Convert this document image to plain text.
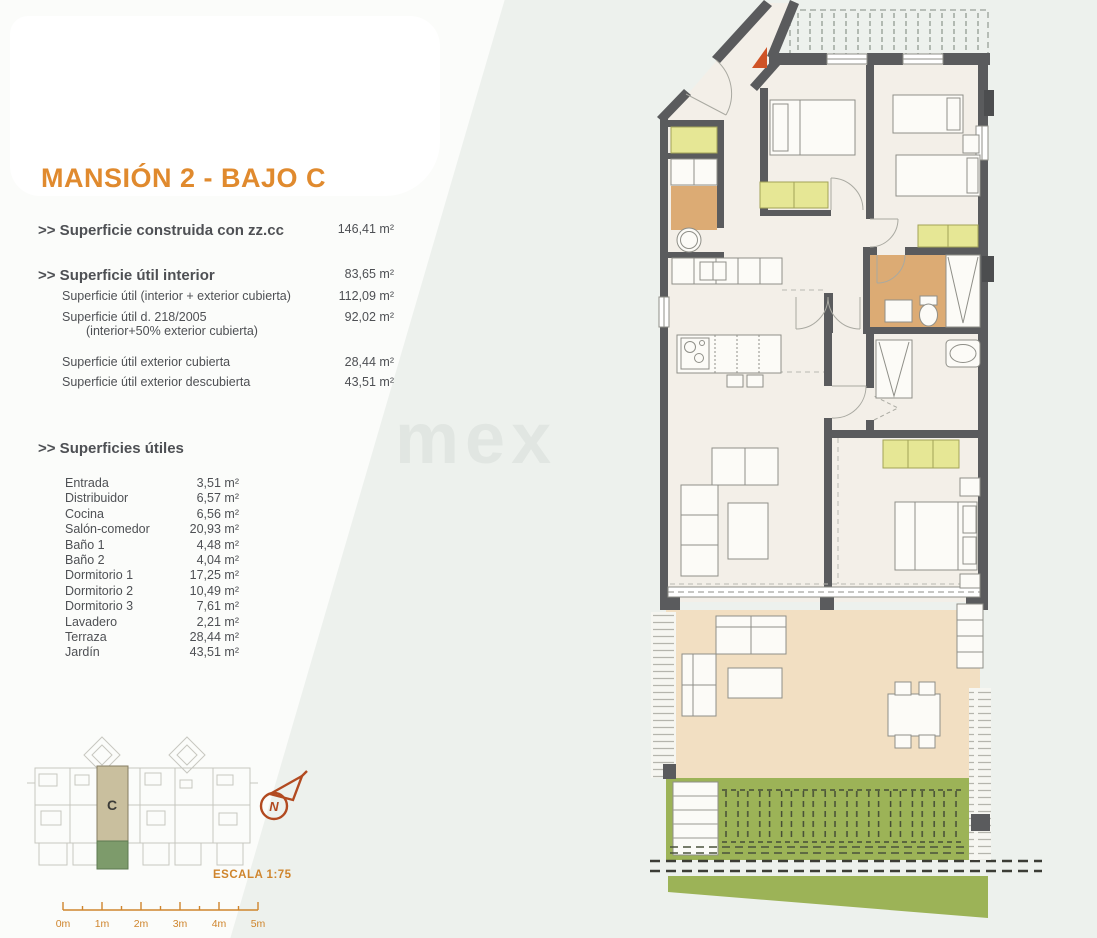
mex
MANSIÓN 2 - BAJO C
>> Superficie construida con zz.cc	146,41 m²
>> Superficie útil interior	83,65 m²
Superficie útil (interior + exterior cubierta)	112,09 m²
Superficie útil d. 218/2005	92,02 m²
(interior+50% exterior cubierta)
Superficie útil exterior cubierta	28,44 m²
Superficie útil exterior descubierta	43,51 m²
>> Superficies útiles
Entrada	3,51 m²
Distribuidor	6,57 m²
Cocina	6,56 m²
Salón-comedor	20,93 m²
Baño 1	4,48 m²
Baño 2	4,04 m²
Dormitorio 1	17,25 m²
Dormitorio 2	10,49 m²
Dormitorio 3	7,61 m²
Lavadero	2,21 m²
Terraza	28,44 m²
Jardín	43,51 m²
C	N
ESCALA 1:75
0m 1m 2m 3m 4m 5m
